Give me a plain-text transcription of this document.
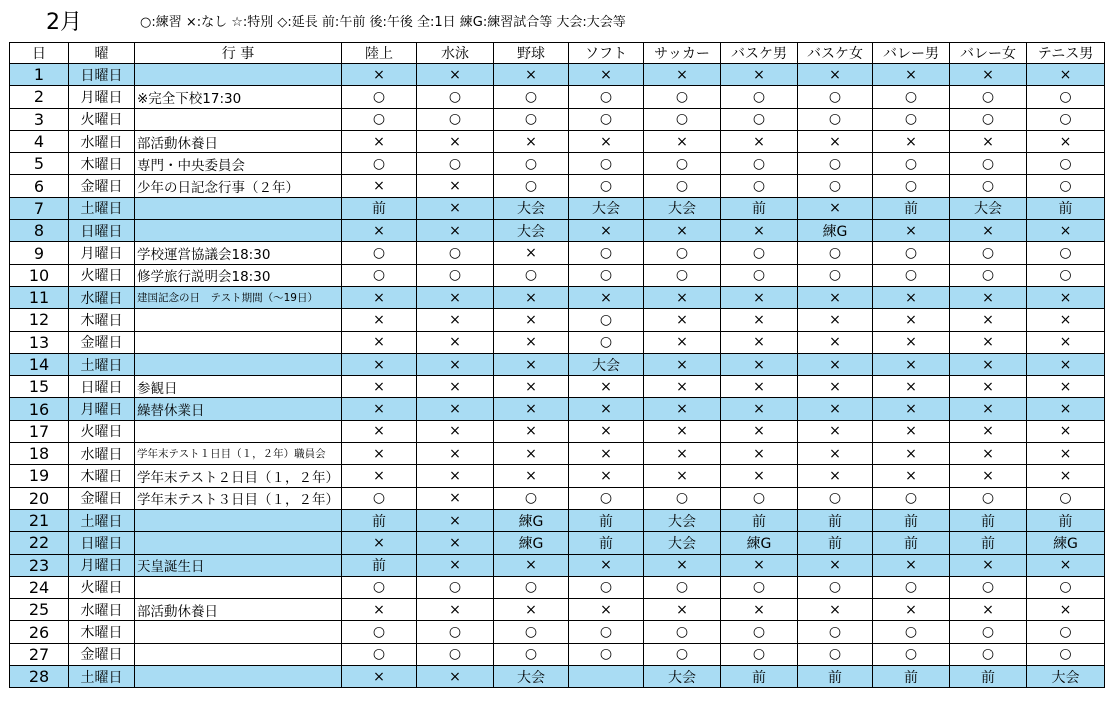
2月	○:練習 ×:なし ☆:特別 ◇:延長 前:午前 後:午後 全:1日 練G:練習試合等 大会:大会等
日	曜	行 事	陸上	水泳	野球	ソフト	サッカー	バスケ男	バスケ女	バレー男	バレー女	テニス男
1	日曜日		×	×	×	×	×	×	×	×	×	×
2	月曜日	※完全下校17:30	○	○	○	○	○	○	○	○	○	○
3	火曜日		○	○	○	○	○	○	○	○	○	○
4	水曜日	部活動休養日	×	×	×	×	×	×	×	×	×	×
5	木曜日	専門・中央委員会	○	○	○	○	○	○	○	○	○	○
6	金曜日	少年の日記念行事（２年）	×	×	○	○	○	○	○	○	○	○
7	土曜日		前	×	大会	大会	大会	前	×	前	大会	前
8	日曜日		×	×	大会	×	×	×	練G	×	×	×
9	月曜日	学校運営協議会18:30	○	○	×	○	○	○	○	○	○	○
10	火曜日	修学旅行説明会18:30	○	○	○	○	○	○	○	○	○	○
11	水曜日	建国記念の日　テスト期間（～19日）	×	×	×	×	×	×	×	×	×	×
12	木曜日		×	×	×	○	×	×	×	×	×	×
13	金曜日		×	×	×	○	×	×	×	×	×	×
14	土曜日		×	×	×	大会	×	×	×	×	×	×
15	日曜日	参観日	×	×	×	×	×	×	×	×	×	×
16	月曜日	繰替休業日	×	×	×	×	×	×	×	×	×	×
17	火曜日		×	×	×	×	×	×	×	×	×	×
18	水曜日	学年末テスト１日目（１，２年）職員会	×	×	×	×	×	×	×	×	×	×
19	木曜日	学年末テスト２日目（１，２年）	×	×	×	×	×	×	×	×	×	×
20	金曜日	学年末テスト３日目（１，２年）	○	×	○	○	○	○	○	○	○	○
21	土曜日		前	×	練G	前	大会	前	前	前	前	前
22	日曜日		×	×	練G	前	大会	練G	前	前	前	練G
23	月曜日	天皇誕生日	前	×	×	×	×	×	×	×	×	×
24	火曜日		○	○	○	○	○	○	○	○	○	○
25	水曜日	部活動休養日	×	×	×	×	×	×	×	×	×	×
26	木曜日		○	○	○	○	○	○	○	○	○	○
27	金曜日		○	○	○	○	○	○	○	○	○	○
28	土曜日		×	×	大会		大会	前	前	前	前	大会
